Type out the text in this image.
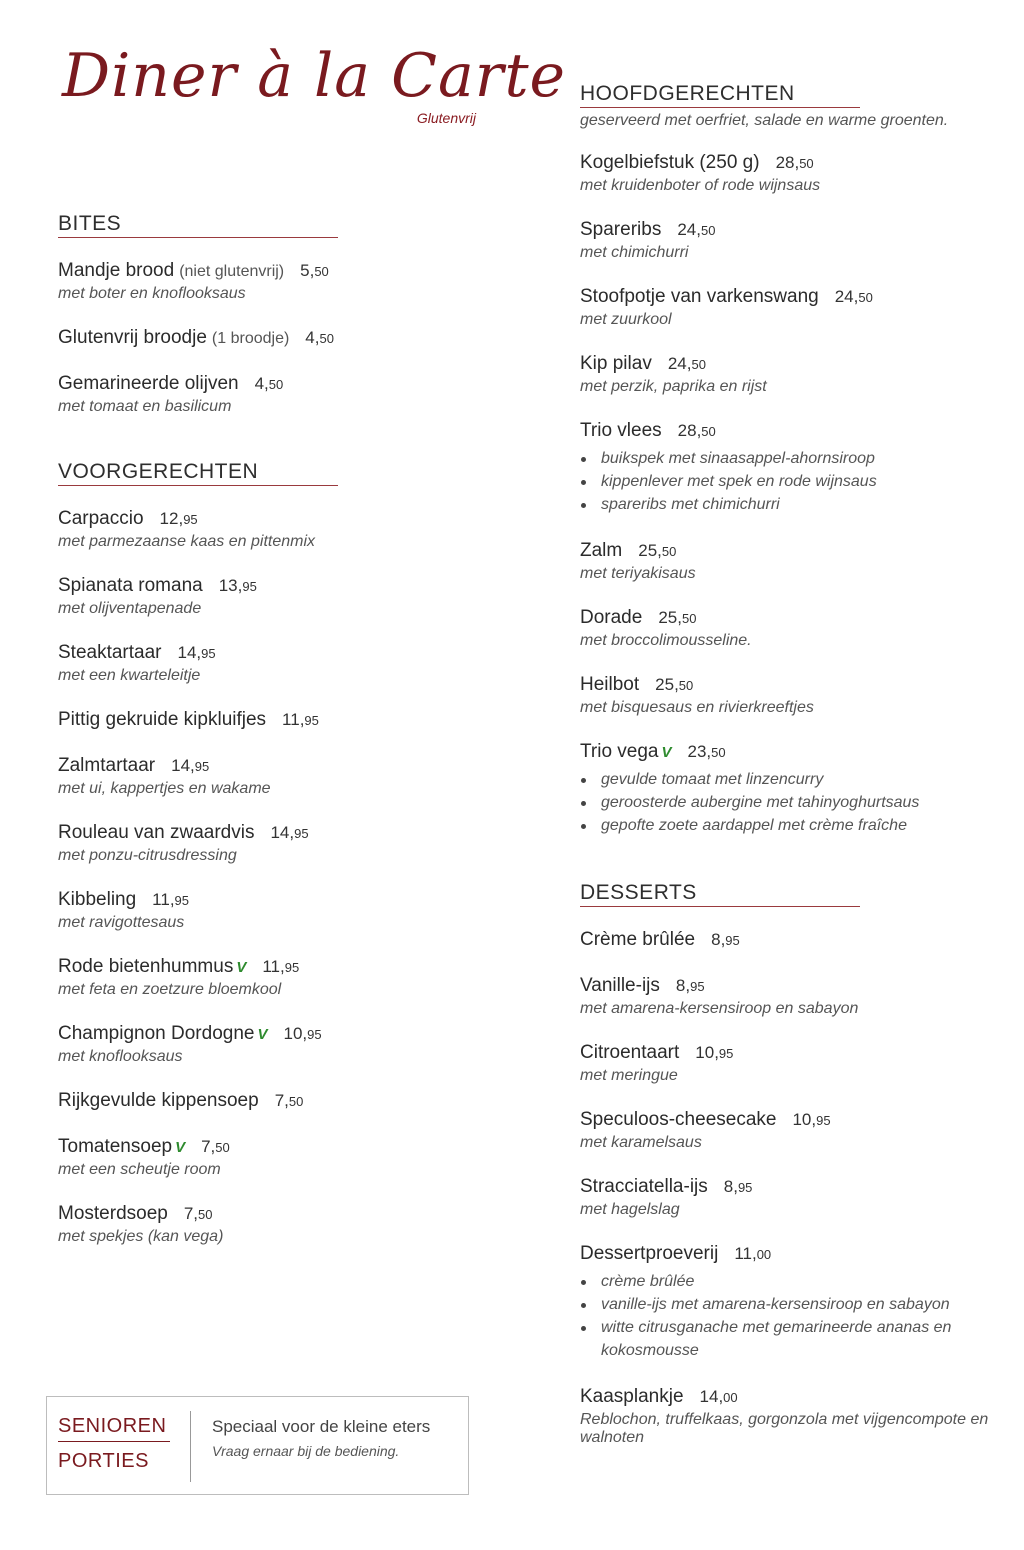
Diner à la Carte
Glutenvrij
BITES
Mandje brood (niet glutenvrij) 5,50
met boter en knoflooksaus
Glutenvrij broodje (1 broodje) 4,50
Gemarineerde olijven 4,50
met tomaat en basilicum
VOORGERECHTEN
Carpaccio 12,95
met parmezaanse kaas en pittenmix
Spianata romana 13,95
met olijventapenade
Steaktartaar 14,95
met een kwarteleitje
Pittig gekruide kipkluifjes 11,95
Zalmtartaar 14,95
met ui, kappertjes en wakame
Rouleau van zwaardvis 14,95
met ponzu-citrusdressing
Kibbeling 11,95
met ravigottesaus
Rode bietenhummus V 11,95
met feta en zoetzure bloemkool
Champignon Dordogne V 10,95
met knoflooksaus
Rijkgevulde kippensoep 7,50
Tomatensoep V 7,50
met een scheutje room
Mosterdsoep 7,50
met spekjes (kan vega)
HOOFDGERECHTEN
geserveerd met oerfriet, salade en warme groenten.
Kogelbiefstuk (250 g) 28,50
met kruidenboter of rode wijnsaus
Spareribs 24,50
met chimichurri
Stoofpotje van varkenswang 24,50
met zuurkool
Kip pilav 24,50
met perzik, paprika en rijst
Trio vlees 28,50
buikspek met sinaasappel-ahornsiroop
kippenlever met spek en rode wijnsaus
spareribs met chimichurri
Zalm 25,50
met teriyakisaus
Dorade 25,50
met broccolimousseline.
Heilbot 25,50
met bisquesaus en rivierkreeftjes
Trio vega V 23,50
gevulde tomaat met linzencurry
geroosterde aubergine met tahinyoghurtsaus
gepofte zoete aardappel met crème fraîche
DESSERTS
Crème brûlée 8,95
Vanille-ijs 8,95
met amarena-kersensiroop en sabayon
Citroentaart 10,95
met meringue
Speculoos-cheesecake 10,95
met karamelsaus
Stracciatella-ijs 8,95
met hagelslag
Dessertproeverij 11,00
crème brûlée
vanille-ijs met amarena-kersensiroop en sabayon
witte citrusganache met gemarineerde ananas en kokosmousse
Kaasplankje 14,00
Reblochon, truffelkaas, gorgonzola met vijgencompote en walnoten
SENIOREN
PORTIES
Speciaal voor de kleine eters
Vraag ernaar bij de bediening.
